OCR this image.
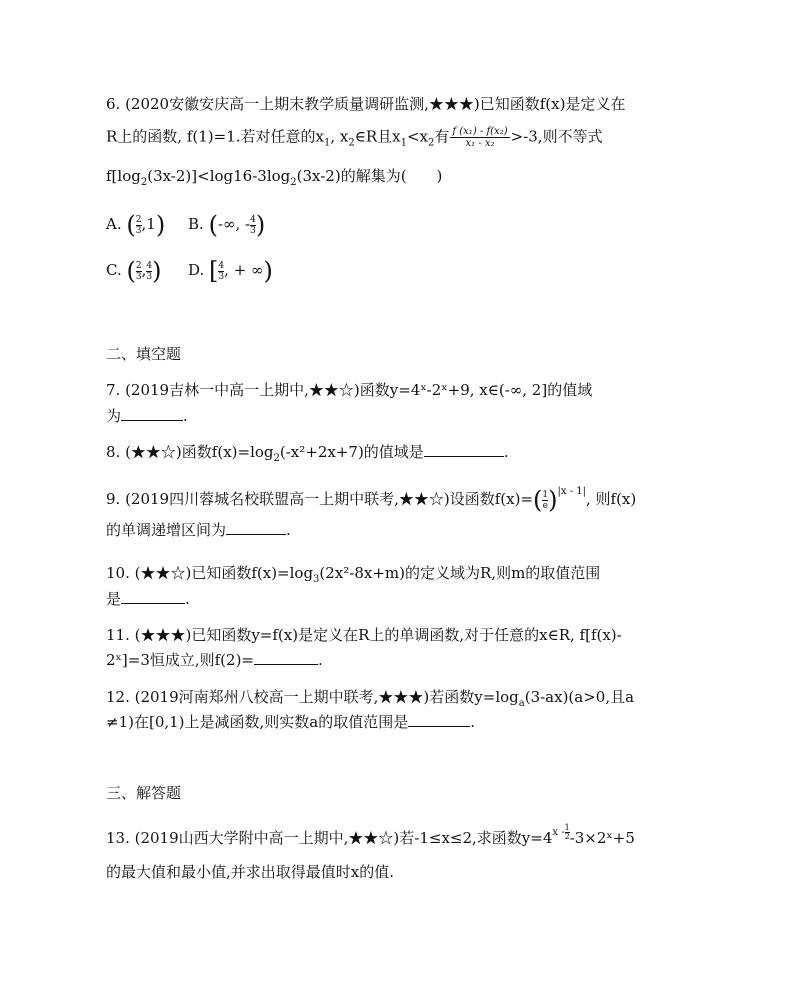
6. (2020安徽安庆高一上期末教学质量调研监测,★★★)已知函数f(x)是定义在
R上的函数, f(1)=1.若对任意的$x_1$, $x_2\in R$且$x_1<x_2$有 $\frac{\text{f (x₁) - f(x₂)}}{\text{x₁ - x₂}} >-3$,则不等式
$f[\log_2(3x-2)]<\log 16-3\log_2(3x-2)$的解集为(　　)
A. ( $\frac{2}{3} ,1$) B. (-∞, - $\frac{4}{3}$ )
C. ( $\frac{2}{3}$ , $\frac{4}{3}$ ) D. [ $\frac{4}{3}$ , + ∞)
二、填空题
7. (2019吉林一中高一上期中,★★☆)函数y=4ˣ-2ˣ+9, x∈(-∞, 2]的值域
为	.
8. (★★☆)函数$f(x)=\log_2(-x^2+2x+7)$的值域是	.
9. (2019四川蓉城名校联盟高一上期中联考,★★☆)设函数$f(x)=( \frac{1}{e} )^{|x - 1|}$, 则f(x)
的单调递增区间为	.
10. (★★☆)已知函数$f(x)=\log_3(2x^2-8x+m)$的定义域为R,则m的取值范围
是	.
11. (★★★)已知函数y=f(x)是定义在R上的单调函数,对于任意的x∈R, f[f(x)-
2ˣ]=3恒成立,则f(2)=	.
12. (2019河南郑州八校高一上期中联考,★★★)若函数$y=\log_a(3-ax)(a>0$,且a
≠1)在[0,1)上是减函数,则实数a的取值范围是	.
三、解答题
13. (2019山西大学附中高一上期中,★★☆)若-1≤x≤2,求函数$y=4^{x - \frac{1}{2}}$ -3×2ˣ+5
的最大值和最小值,并求出取得最值时x的值.
